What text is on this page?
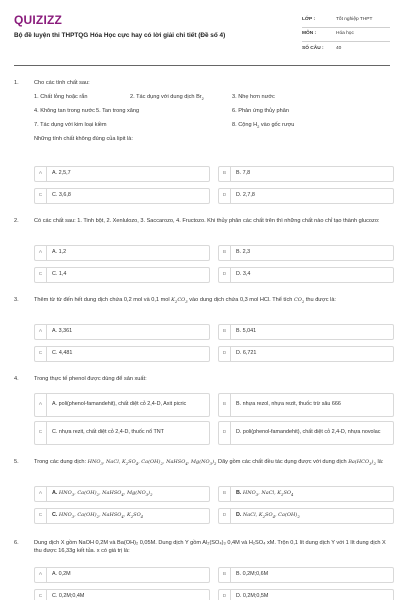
QUIZIZZ
Bộ đề luyện thi THPTQG Hóa Học cực hay có lời giải chi tiết (Đề số 4)
LỚP :	Tốt nghiệp THPT
MÔN :	Hóa học
SỐ CÂU :	40
1.	Cho các tính chất sau:
1. Chất lỏng hoặc rắn	2. Tác dụng với dung dịch $Br_2$	3. Nhẹ hơn nước
4. Không tan trong nước 5. Tan trong xăng	6. Phản ứng thủy phân
7. Tác dụng với kim loại kiềm	8. Cộng $H_2$ vào gốc rượu
Những tính chất không đúng của lipit là:
A	A. 2,5,7	B	B. 7,8
C	C. 3,6,8	D	D. 2,7,8
2.	Có các chất sau: 1. Tinh bột, 2. Xenlulozo, 3. Saccarozo, 4. Fructozo. Khi thủy phân các chất trên thì những chất nào chỉ tạo thành glucozo:
A	A. 1,2	B	B. 2,3
C	C. 1,4	D	D. 3,4
3.	Thêm từ từ đến hết dung dịch chứa 0,2 mol và 0,1 mol $K_2CO_3$ vào dung dịch chứa 0,3 mol HCl. Thể tích $CO_2$ thu được là:
A	A. 3,361	B	B. 5,041
C	C. 4,481	D	D. 6,721
4.	Trong thực tế phenol được dùng để sản xuất:
A	A. poli(phenol-famandehit), chất diệt cỏ 2,4-D, Axit picric	B	B. nhựa rezol, nhựa rezit, thuốc trừ sâu 666
C	C. nhựa rezit, chất diệt cỏ 2,4-D, thuốc nổ TNT	D	D. poli(phenol-famandehit), chất diệt cỏ 2,4-D, nhựa novolac
5.	Trong các dung dịch: $HNO_3$, NaCl, $K_2SO_4$, $Ca(OH)_2$, NaHSO$_4$, $Mg(NO_3)_2$ Dãy gồm các chất đều tác dụng được với dung dịch $Ba(HCO_3)_2$ là:
A	A. $HNO_3$, $Ca(OH)_2$, NaHSO$_4$, $Mg(NO_3)_2$	B	B. $HNO_3$, NaCl, $K_2SO_4$
C	C. $HNO_3$, $Ca(OH)_2$, NaHSO$_4$, $K_2SO_4$	D	D. NaCl, $K_2SO_4$, $Ca(OH)_2$
6.	Dung dịch X gồm NaOH 0,2M và Ba(OH)₂ 0,05M. Dung dịch Y gồm Al₂(SO₄)₃ 0,4M và H₂SO₄ xM. Trộn 0,1 lít dung dịch Y với 1 lít dung dịch X thu được 16,33g kết tủa. x có giá trị là:
A	A. 0,2M	B	B. 0,2M;0,6M
C	C. 0,2M;0,4M	D	D. 0,2M;0,5M
